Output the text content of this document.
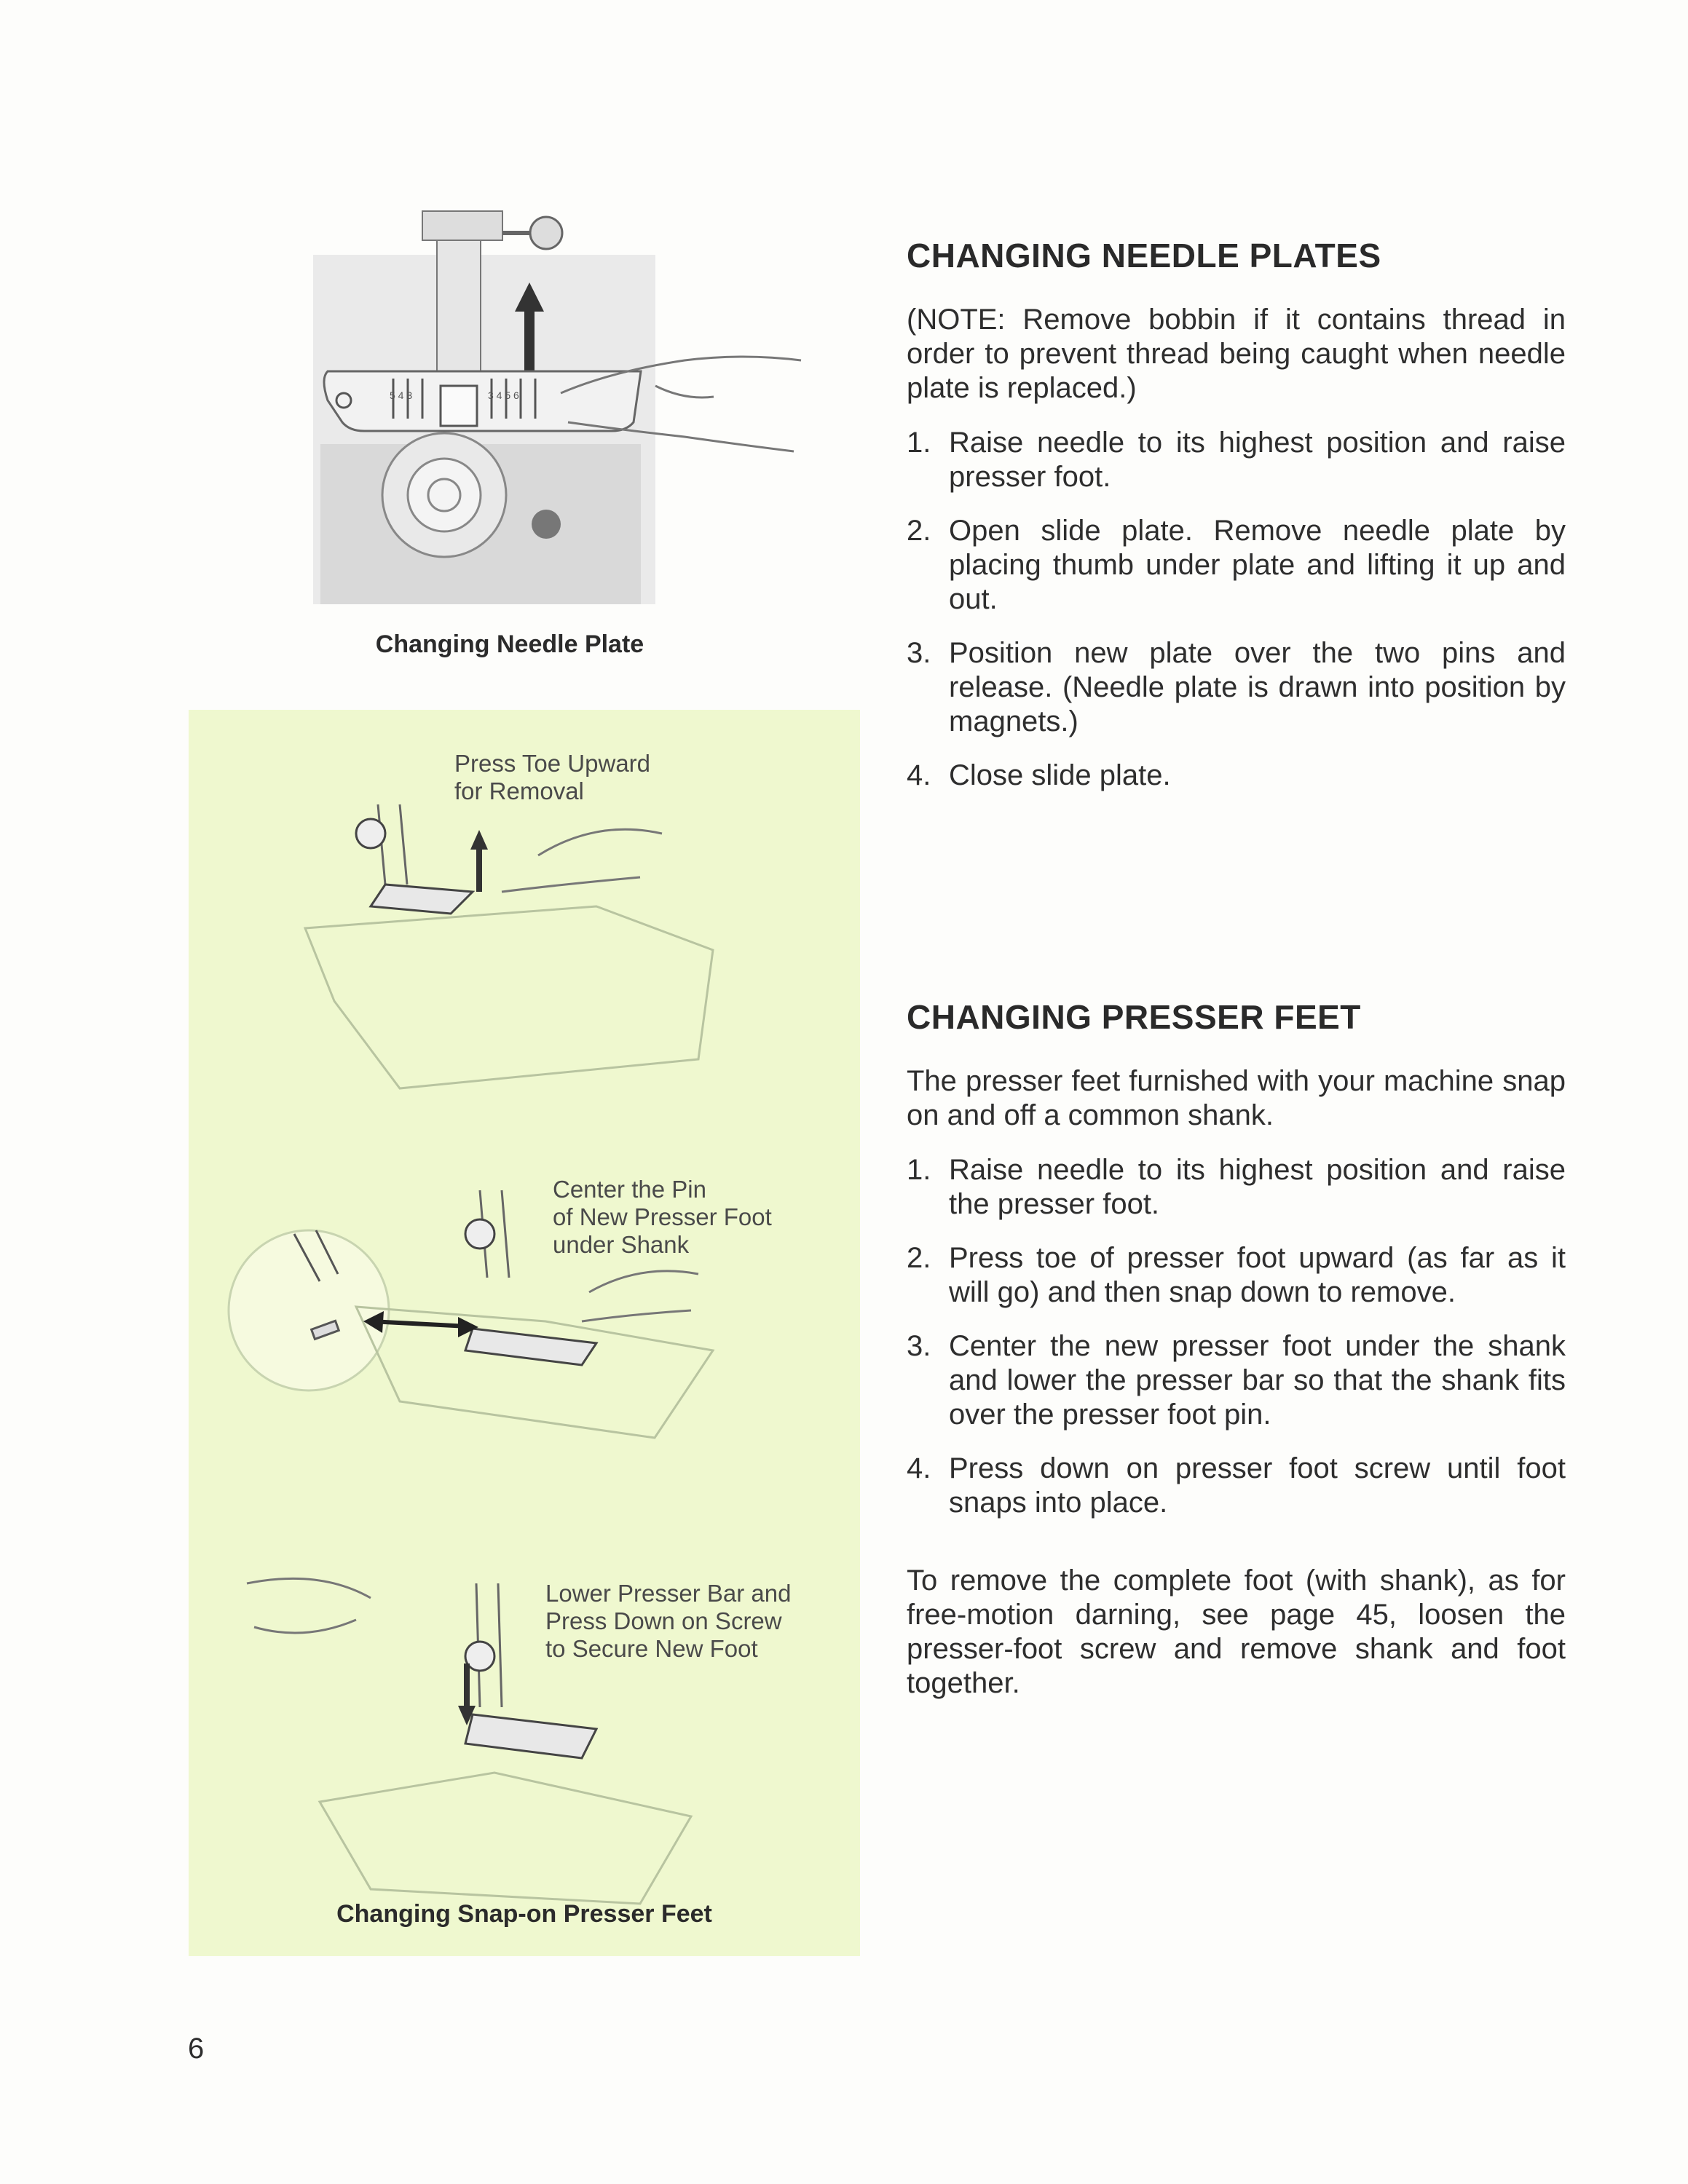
5 4 3	3 4 5 6
Changing Needle Plate
Press Toe Upward
for Removal
Center the Pin
of New Presser Foot
under Shank
Lower Presser Bar and
Press Down on Screw
to Secure New Foot
Changing Snap-on Presser Feet
CHANGING NEEDLE PLATES

(NOTE: Remove bobbin if it contains thread in order to prevent thread being caught when needle plate is replaced.)

1. Raise needle to its highest position and raise presser foot.
2. Open slide plate. Remove needle plate by placing thumb under plate and lifting it up and out.
3. Position new plate over the two pins and release. (Needle plate is drawn into position by magnets.)
4. Close slide plate.
CHANGING PRESSER FEET

The presser feet furnished with your machine snap on and off a common shank.

1. Raise needle to its highest position and raise the presser foot.
2. Press toe of presser foot upward (as far as it will go) and then snap down to remove.
3. Center the new presser foot under the shank and lower the presser bar so that the shank fits over the presser foot pin.
4. Press down on presser foot screw until foot snaps into place.

To remove the complete foot (with shank), as for free-motion darning, see page 45, loosen the presser-foot screw and remove shank and foot together.

6
